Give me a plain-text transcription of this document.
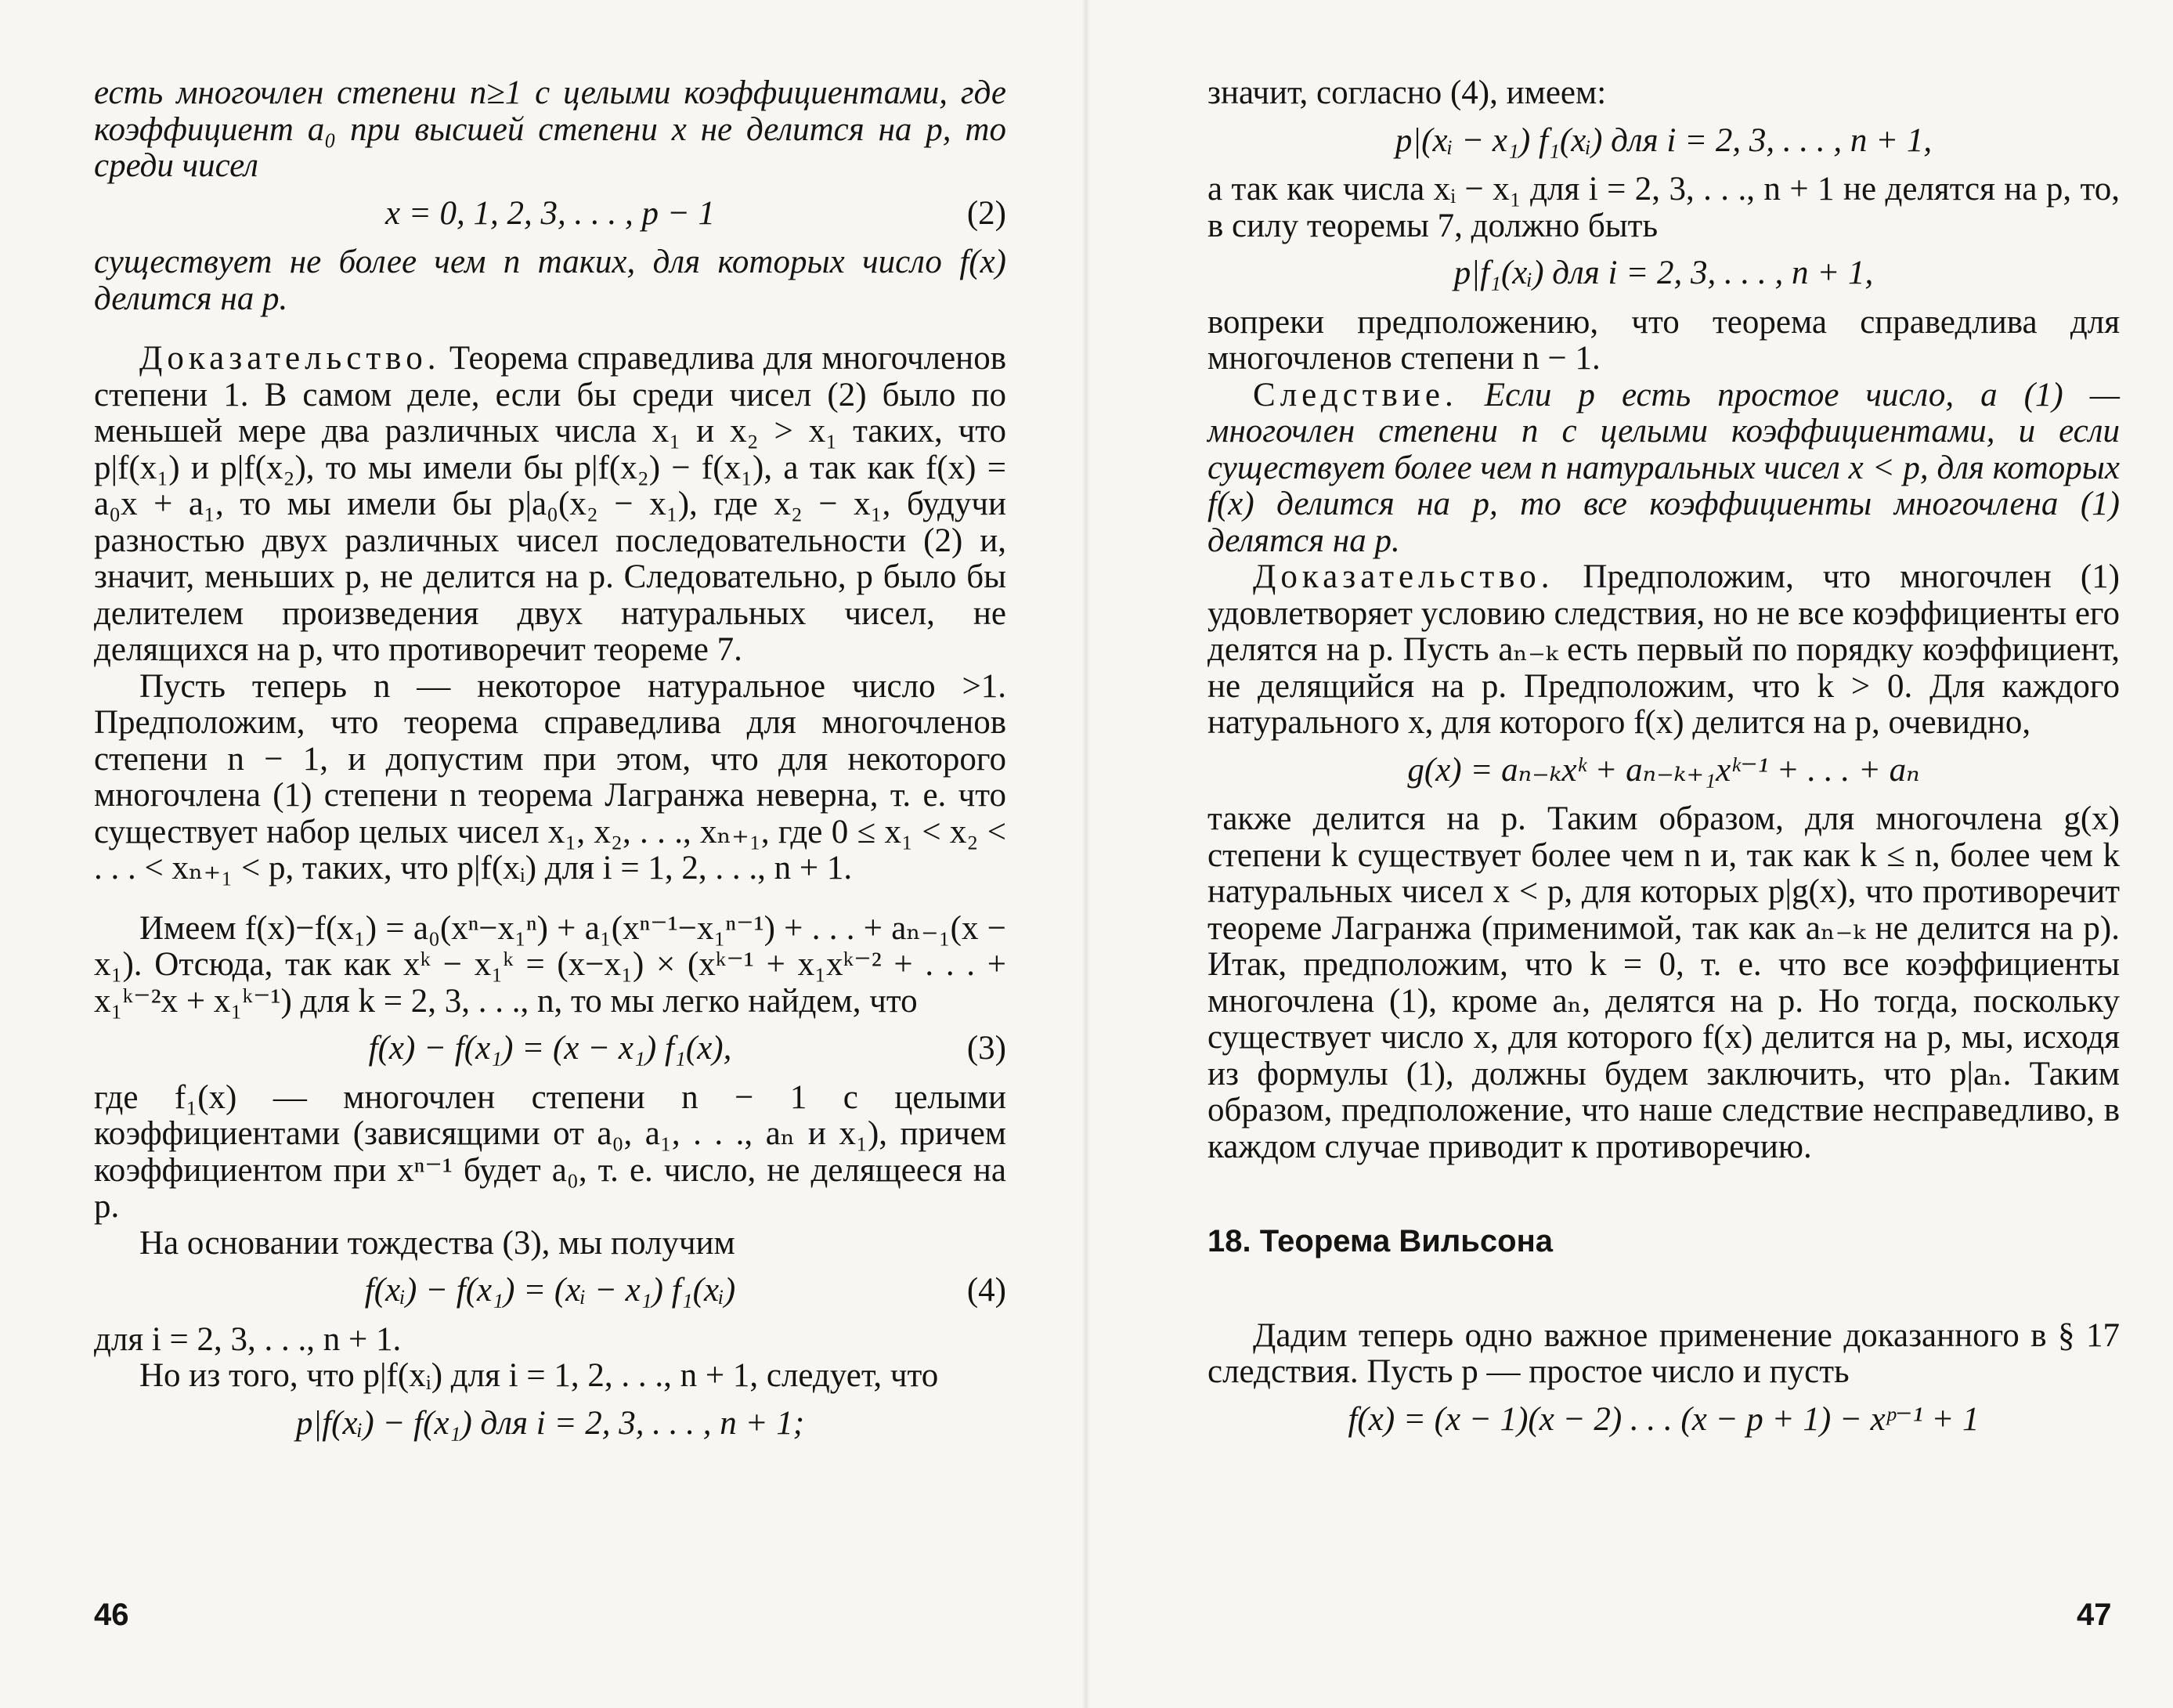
есть многочлен степени n≥1 с целыми коэффициентами, где коэффициент a₀ при высшей степени x не делится на p, то среди чисел

x = 0, 1, 2, 3, . . . , p − 1	(2)

существует не более чем n таких, для которых число f(x) делится на p.

Доказательство. Теорема справедлива для многочленов степени 1. В самом деле, если бы среди чисел (2) было по меньшей мере два различных числа x₁ и x₂ > x₁ таких, что p|f(x₁) и p|f(x₂), то мы имели бы p|f(x₂) − f(x₁), а так как f(x) = a₀x + a₁, то мы имели бы p|a₀(x₂ − x₁), где x₂ − x₁, будучи разностью двух различных чисел последовательности (2) и, значит, меньших p, не делится на p. Следовательно, p было бы делителем произведения двух натуральных чисел, не делящихся на p, что противоречит теореме 7.

Пусть теперь n — некоторое натуральное число >1. Предположим, что теорема справедлива для многочленов степени n − 1, и допустим при этом, что для некоторого многочлена (1) степени n теорема Лагранжа неверна, т. е. что существует набор целых чисел x₁, x₂, . . ., xₙ₊₁, где 0 ≤ x₁ < x₂ < . . . < xₙ₊₁ < p, таких, что p|f(xᵢ) для i = 1, 2, . . ., n + 1.

Имеем f(x)−f(x₁) = a₀(xⁿ−x₁ⁿ) + a₁(xⁿ⁻¹−x₁ⁿ⁻¹) + . . . + aₙ₋₁(x − x₁). Отсюда, так как xᵏ − x₁ᵏ = (x−x₁) × (xᵏ⁻¹ + x₁xᵏ⁻² + . . . + x₁ᵏ⁻²x + x₁ᵏ⁻¹) для k = 2, 3, . . ., n, то мы легко найдем, что

f(x) − f(x₁) = (x − x₁) f₁(x),	(3)

где f₁(x) — многочлен степени n − 1 с целыми коэффициентами (зависящими от a₀, a₁, . . ., aₙ и x₁), причем коэффициентом при xⁿ⁻¹ будет a₀, т. е. число, не делящееся на p.

На основании тождества (3), мы получим

f(xᵢ) − f(x₁) = (xᵢ − x₁) f₁(xᵢ)	(4)

для i = 2, 3, . . ., n + 1.

Но из того, что p|f(xᵢ) для i = 1, 2, . . ., n + 1, следует, что

p|f(xᵢ) − f(x₁) для i = 2, 3, . . . , n + 1;
46

значит, согласно (4), имеем:

p|(xᵢ − x₁) f₁(xᵢ) для i = 2, 3, . . . , n + 1,

а так как числа xᵢ − x₁ для i = 2, 3, . . ., n + 1 не делятся на p, то, в силу теоремы 7, должно быть

p|f₁(xᵢ) для i = 2, 3, . . . , n + 1,

вопреки предположению, что теорема справедлива для многочленов степени n − 1.

Следствие. Если p есть простое число, а (1) — многочлен степени n с целыми коэффициентами, и если существует более чем n натуральных чисел x < p, для которых f(x) делится на p, то все коэффициенты многочлена (1) делятся на p.

Доказательство. Предположим, что многочлен (1) удовлетворяет условию следствия, но не все коэффициенты его делятся на p. Пусть aₙ₋ₖ есть первый по порядку коэффициент, не делящийся на p. Предположим, что k > 0. Для каждого натурального x, для которого f(x) делится на p, очевидно,

g(x) = aₙ₋ₖxᵏ + aₙ₋ₖ₊₁xᵏ⁻¹ + . . . + aₙ

также делится на p. Таким образом, для многочлена g(x) степени k существует более чем n и, так как k ≤ n, более чем k натуральных чисел x < p, для которых p|g(x), что противоречит теореме Лагранжа (применимой, так как aₙ₋ₖ не делится на p). Итак, предположим, что k = 0, т. е. что все коэффициенты многочлена (1), кроме aₙ, делятся на p. Но тогда, поскольку существует число x, для которого f(x) делится на p, мы, исходя из формулы (1), должны будем заключить, что p|aₙ. Таким образом, предположение, что наше следствие несправедливо, в каждом случае приводит к противоречию.

18. Теорема Вильсона

Дадим теперь одно важное применение доказанного в § 17 следствия. Пусть p — простое число и пусть

f(x) = (x − 1)(x − 2) . . . (x − p + 1) − xᵖ⁻¹ + 1
47
